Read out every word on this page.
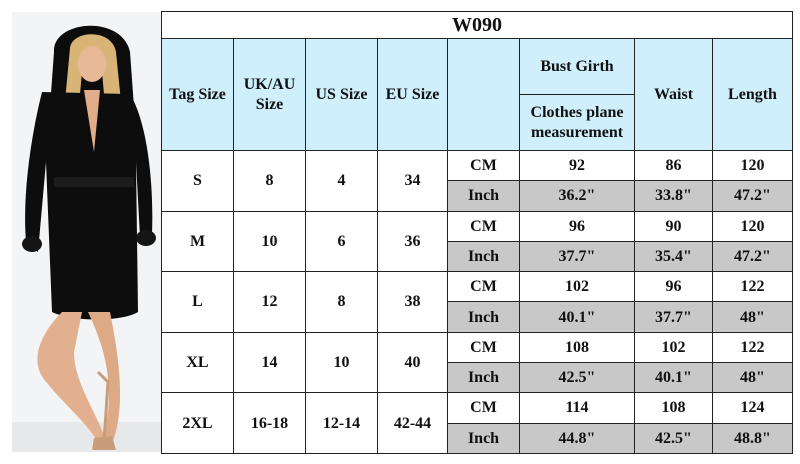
W090							
Tag Size	UK/AU Size	US Size	EU Size		Bust Girth	Waist	Length
					Clothes plane measurement		
S	8	4	34	CM	92	86	120
				Inch	36.2"	33.8"	47.2"
M	10	6	36	CM	96	90	120
				Inch	37.7"	35.4"	47.2"
L	12	8	38	CM	102	96	122
				Inch	40.1"	37.7"	48"
XL	14	10	40	CM	108	102	122
				Inch	42.5"	40.1"	48"
2XL	16-18	12-14	42-44	CM	114	108	124
				Inch	44.8"	42.5"	48.8"
